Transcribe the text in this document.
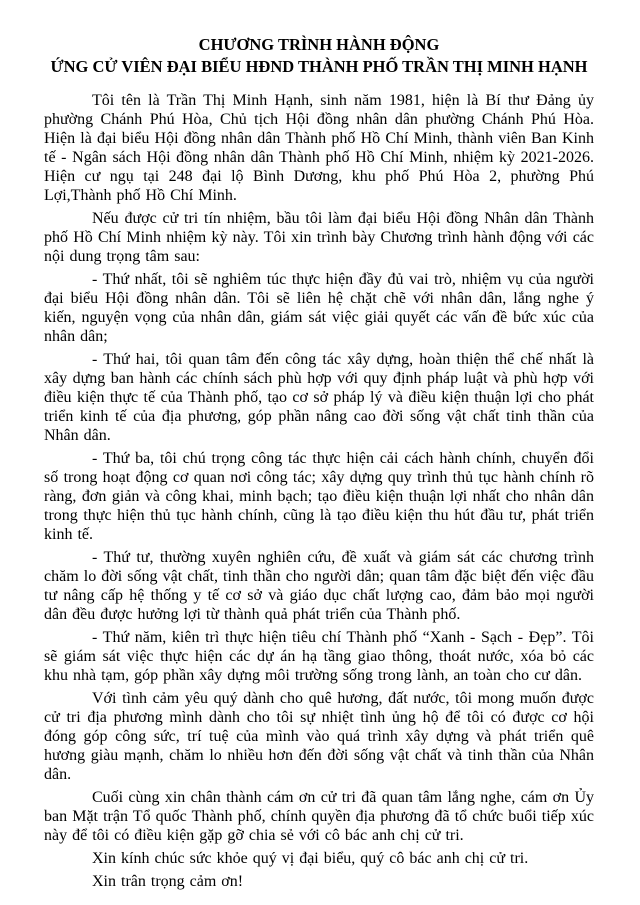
CHƯƠNG TRÌNH HÀNH ĐỘNG
ỨNG CỬ VIÊN ĐẠI BIỂU HĐND THÀNH PHỐ TRẦN THỊ MINH HẠNH

Tôi tên là Trần Thị Minh Hạnh, sinh năm 1981, hiện là Bí thư Đảng ủy phường Chánh Phú Hòa, Chủ tịch Hội đồng nhân dân phường Chánh Phú Hòa. Hiện là đại biểu Hội đồng nhân dân Thành phố Hồ Chí Minh, thành viên Ban Kinh tế - Ngân sách Hội đồng nhân dân Thành phố Hồ Chí Minh, nhiệm kỳ 2021-2026. Hiện cư ngụ tại 248 đại lộ Bình Dương, khu phố Phú Hòa 2, phường Phú Lợi,Thành phố Hồ Chí Minh.

Nếu được cử tri tín nhiệm, bầu tôi làm đại biểu Hội đồng Nhân dân Thành phố Hồ Chí Minh nhiệm kỳ này. Tôi xin trình bày Chương trình hành động với các nội dung trọng tâm sau:

- Thứ nhất, tôi sẽ nghiêm túc thực hiện đầy đủ vai trò, nhiệm vụ của người đại biểu Hội đồng nhân dân. Tôi sẽ liên hệ chặt chẽ với nhân dân, lắng nghe ý kiến, nguyện vọng của nhân dân, giám sát việc giải quyết các vấn đề bức xúc của nhân dân;

- Thứ hai, tôi quan tâm đến công tác xây dựng, hoàn thiện thể chế nhất là xây dựng ban hành các chính sách phù hợp với quy định pháp luật và phù hợp với điều kiện thực tế của Thành phố, tạo cơ sở pháp lý và điều kiện thuận lợi cho phát triển kinh tế của địa phương, góp phần nâng cao đời sống vật chất tinh thần của Nhân dân.

- Thứ ba, tôi chú trọng công tác thực hiện cải cách hành chính, chuyển đổi số trong hoạt động cơ quan nơi công tác; xây dựng quy trình thủ tục hành chính rõ ràng, đơn giản và công khai, minh bạch; tạo điều kiện thuận lợi nhất cho nhân dân trong thực hiện thủ tục hành chính, cũng là tạo điều kiện thu hút đầu tư, phát triển kinh tế.

- Thứ tư, thường xuyên nghiên cứu, đề xuất và giám sát các chương trình chăm lo đời sống vật chất, tinh thần cho người dân; quan tâm đặc biệt đến việc đầu tư nâng cấp hệ thống y tế cơ sở và giáo dục chất lượng cao, đảm bảo mọi người dân đều được hưởng lợi từ thành quả phát triển của Thành phố.

- Thứ năm, kiên trì thực hiện tiêu chí Thành phố “Xanh - Sạch - Đẹp”. Tôi sẽ giám sát việc thực hiện các dự án hạ tầng giao thông, thoát nước, xóa bỏ các khu nhà tạm, góp phần xây dựng môi trường sống trong lành, an toàn cho cư dân.

Với tình cảm yêu quý dành cho quê hương, đất nước, tôi mong muốn được cử tri địa phương mình dành cho tôi sự nhiệt tình ủng hộ để tôi có được cơ hội đóng góp công sức, trí tuệ của mình vào quá trình xây dựng và phát triển quê hương giàu mạnh, chăm lo nhiều hơn đến đời sống vật chất và tinh thần của Nhân dân.

Cuối cùng xin chân thành cám ơn cử tri đã quan tâm lắng nghe, cám ơn Ủy ban Mặt trận Tổ quốc Thành phố, chính quyền địa phương đã tổ chức buổi tiếp xúc này để tôi có điều kiện gặp gỡ chia sẻ với cô bác anh chị cử tri.

Xin kính chúc sức khỏe quý vị đại biểu, quý cô bác anh chị cử tri.

Xin trân trọng cảm ơn!
